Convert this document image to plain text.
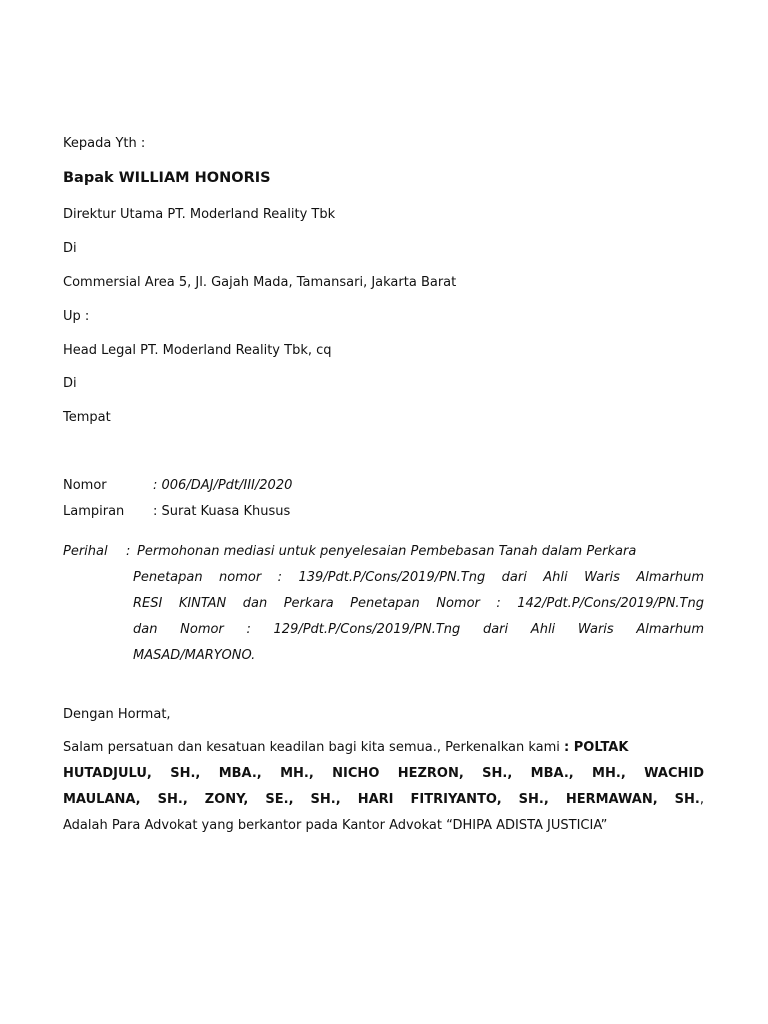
Kepada Yth :
Bapak WILLIAM HONORIS
Direktur Utama PT. Moderland Reality Tbk
Di
Commersial Area 5, Jl. Gajah Mada, Tamansari, Jakarta Barat
Up :
Head Legal PT. Moderland Reality Tbk, cq
Di
Tempat
Nomor	: 006/DAJ/Pdt/III/2020
Lampiran : Surat Kuasa Khusus
Perihal : Permohonan mediasi untuk penyelesaian Pembebasan Tanah dalam Perkara
Penetapan nomor : 139/Pdt.P/Cons/2019/PN.Tng dari Ahli Waris Almarhum
RESI KINTAN dan Perkara Penetapan Nomor : 142/Pdt.P/Cons/2019/PN.Tng
dan Nomor : 129/Pdt.P/Cons/2019/PN.Tng dari Ahli Waris Almarhum
MASAD/MARYONO.
Dengan Hormat,
Salam persatuan dan kesatuan keadilan bagi kita semua., Perkenalkan kami : POLTAK
HUTADJULU, SH., MBA., MH., NICHO HEZRON, SH., MBA., MH., WACHID
MAULANA, SH., ZONY, SE., SH., HARI FITRIYANTO, SH., HERMAWAN, SH.,
Adalah Para Advokat yang berkantor pada Kantor Advokat “DHIPA ADISTA JUSTICIA”
